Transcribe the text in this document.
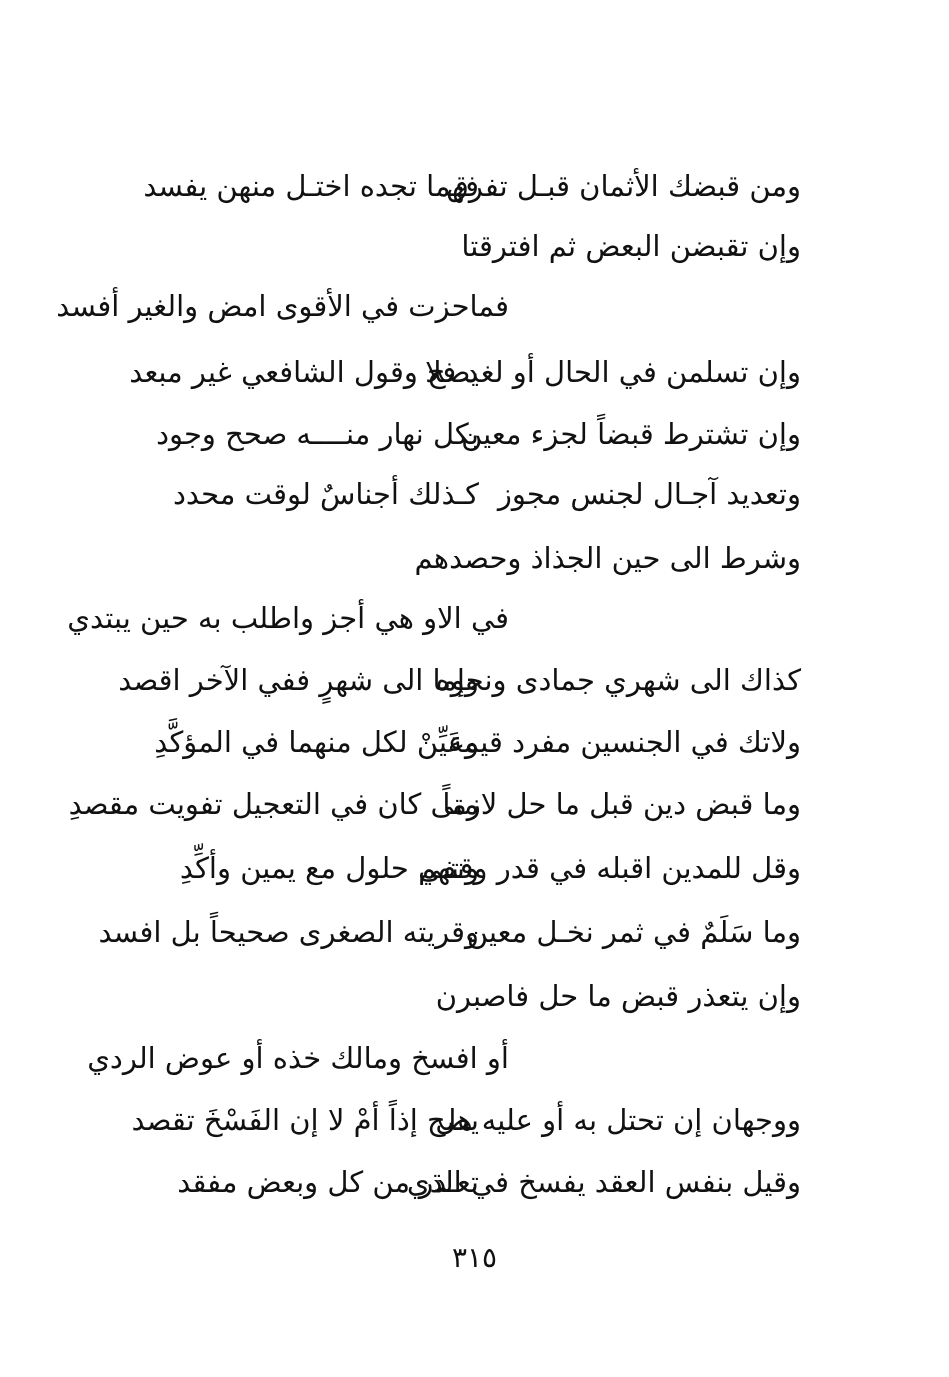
ومن قبضك الأثمان قبـل تفرق
فهما تجده اختـل منهن يفسد
وإن تقبضن البعض ثم افترقتا
فماحزت في الأقوى امض والغير أفسد
وإن تسلمن في الحال أو لغد فلا
يصح وقول الشافعي غير مبعد
وإن تشترط قبضاً لجزء معين
بكل نهار منــــه صحح وجود
وتعديد آجـال لجنس مجوز
كـذلك أجناسٌ لوقت محدد
وشرط الى حين الجذاذ وحصدهم
في الاو هي أجز واطلب به حين يبتدي
كذاك الى شهري جمادى ونحوه
وإما الى شهرٍ ففي الآخر اقصد
ولاتك في الجنسين مفرد قيمة
وعَيِّنْ لكل منهما في المؤكَّدِ
وما قبض دين قبل ما حل لازماً
متى كان في التعجيل تفويت مقصدِ
وقل للمدين اقبله في قدر وقتهم
ونفي حلول مع يمين وأكِّدِ
وما سَلَمٌ في ثمر نخـل معين
وقريته الصغرى صحيحاً بل افسد
وإن يتعذر قبض ما حل فاصبرن
أو افسخ ومالك خذه أو عوض الردي
ووجهان إن تحتل به أو عليه هل
يصح إذاً أمْ لا إن الفَسْخَ تقصد
وقيل بنفس العقد يفسخ في الذي
تعـذر من كل وبعض مفقد
٣١٥
